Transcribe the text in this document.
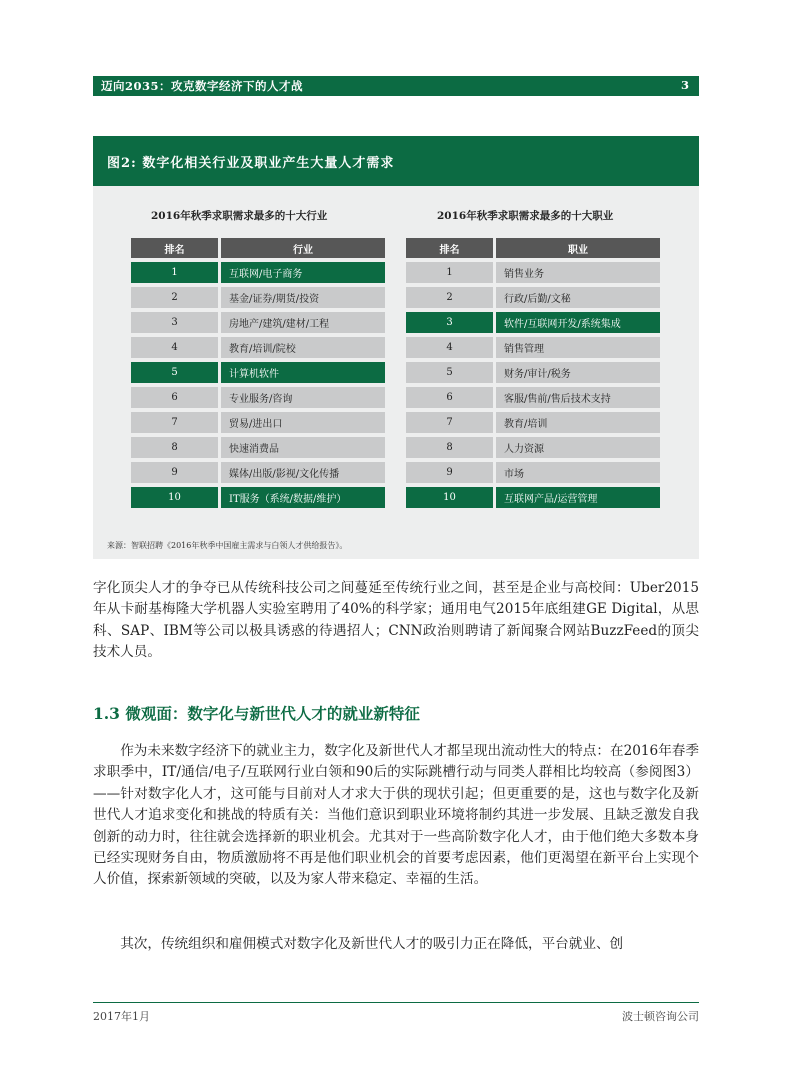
迈向2035：攻克数字经济下的人才战	3
图2: 数字化相关行业及职业产生大量人才需求
2016年秋季求职需求最多的十大行业	2016年秋季求职需求最多的十大职业
排名	行业
1	互联网/电子商务
2	基金/证券/期货/投资
3	房地产/建筑/建材/工程
4	教育/培训/院校
5	计算机软件
6	专业服务/咨询
7	贸易/进出口
8	快速消费品
9	媒体/出版/影视/文化传播
10	IT服务（系统/数据/维护）
排名	职业
1	销售业务
2	行政/后勤/文秘
3	软件/互联网开发/系统集成
4	销售管理
5	财务/审计/税务
6	客服/售前/售后技术支持
7	教育/培训
8	人力资源
9	市场
10	互联网产品/运营管理
来源：智联招聘《2016年秋季中国雇主需求与白领人才供给报告》。
字化顶尖人才的争夺已从传统科技公司之间蔓延至传统行业之间，甚至是企业与高校间：Uber2015年从卡耐基梅隆大学机器人实验室聘用了40%的科学家；通用电气2015年底组建GE Digital，从思科、SAP、IBM等公司以极具诱惑的待遇招人；CNN政治则聘请了新闻聚合网站BuzzFeed的顶尖技术人员。
1.3 微观面：数字化与新世代人才的就业新特征
作为未来数字经济下的就业主力，数字化及新世代人才都呈现出流动性大的特点：在2016年春季求职季中，IT/通信/电子/互联网行业白领和90后的实际跳槽行动与同类人群相比均较高（参阅图3）——针对数字化人才，这可能与目前对人才求大于供的现状引起；但更重要的是，这也与数字化及新世代人才追求变化和挑战的特质有关：当他们意识到职业环境将制约其进一步发展、且缺乏激发自我创新的动力时，往往就会选择新的职业机会。尤其对于一些高阶数字化人才，由于他们绝大多数本身已经实现财务自由，物质激励将不再是他们职业机会的首要考虑因素，他们更渴望在新平台上实现个人价值，探索新领域的突破，以及为家人带来稳定、幸福的生活。
其次，传统组织和雇佣模式对数字化及新世代人才的吸引力正在降低，平台就业、创
2017年1月	波士顿咨询公司
